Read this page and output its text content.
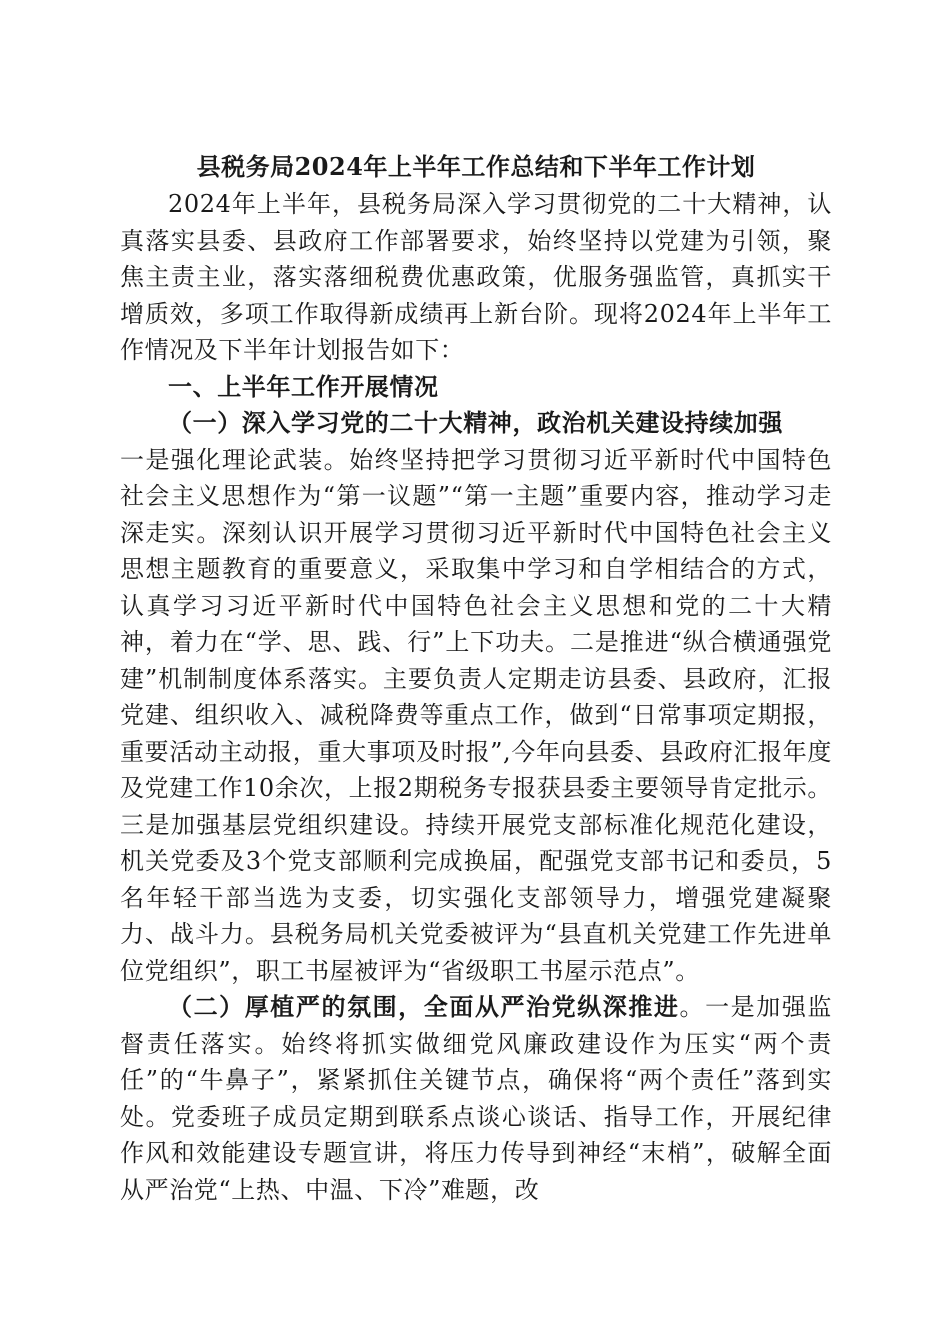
县税务局2024年上半年工作总结和下半年工作计划

2024年上半年，县税务局深入学习贯彻党的二十大精神，认真落实县委、县政府工作部署要求，始终坚持以党建为引领，聚焦主责主业，落实落细税费优惠政策，优服务强监管，真抓实干增质效，多项工作取得新成绩再上新台阶。现将2024年上半年工作情况及下半年计划报告如下：

一、上半年工作开展情况

（一）深入学习党的二十大精神，政治机关建设持续加强

一是强化理论武装。始终坚持把学习贯彻习近平新时代中国特色社会主义思想作为“第一议题”“第一主题”重要内容，推动学习走深走实。深刻认识开展学习贯彻习近平新时代中国特色社会主义思想主题教育的重要意义，采取集中学习和自学相结合的方式，认真学习习近平新时代中国特色社会主义思想和党的二十大精神，着力在“学、思、践、行”上下功夫。二是推进“纵合横通强党建”机制制度体系落实。主要负责人定期走访县委、县政府，汇报党建、组织收入、减税降费等重点工作，做到“日常事项定期报，重要活动主动报，重大事项及时报”,今年向县委、县政府汇报年度及党建工作10余次，上报2期税务专报获县委主要领导肯定批示。三是加强基层党组织建设。持续开展党支部标准化规范化建设，机关党委及3个党支部顺利完成换届，配强党支部书记和委员，5名年轻干部当选为支委，切实强化支部领导力，增强党建凝聚力、战斗力。县税务局机关党委被评为“县直机关党建工作先进单位党组织”，职工书屋被评为“省级职工书屋示范点”。

（二）厚植严的氛围，全面从严治党纵深推进。一是加强监督责任落实。始终将抓实做细党风廉政建设作为压实“两个责任”的“牛鼻子”，紧紧抓住关键节点，确保将“两个责任”落到实处。党委班子成员定期到联系点谈心谈话、指导工作，开展纪律作风和效能建设专题宣讲，将压力传导到神经“末梢”，破解全面从严治党“上热、中温、下冷”难题，改
